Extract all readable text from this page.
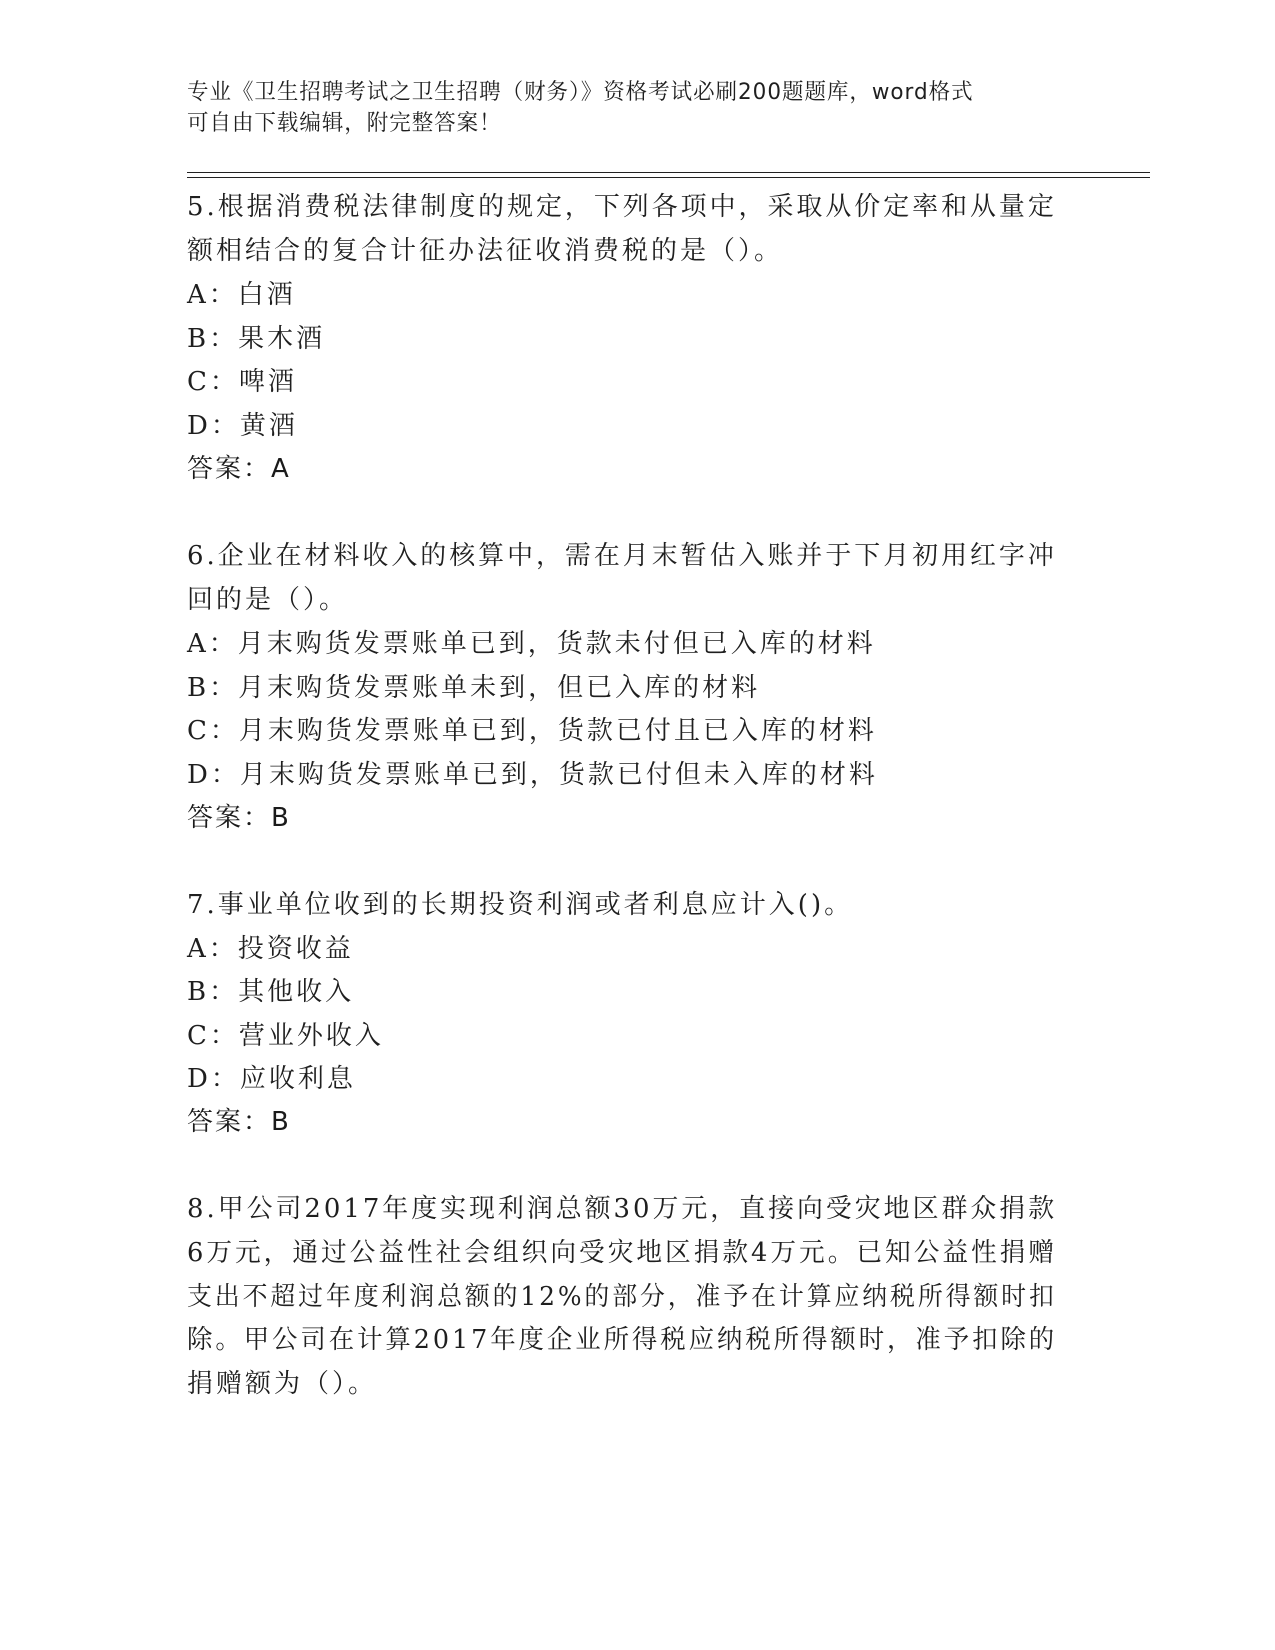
专业《卫生招聘考试之卫生招聘（财务）》资格考试必刷200题题库，word格式
可自由下载编辑，附完整答案！
5.根据消费税法律制度的规定，下列各项中，采取从价定率和从量定
额相结合的复合计征办法征收消费税的是（）。
A：白酒
B：果木酒
C：啤酒
D：黄酒
答案：A
6.企业在材料收入的核算中，需在月末暂估入账并于下月初用红字冲
回的是（）。
A：月末购货发票账单已到，货款未付但已入库的材料
B：月末购货发票账单未到，但已入库的材料
C：月末购货发票账单已到，货款已付且已入库的材料
D：月末购货发票账单已到，货款已付但未入库的材料
答案：B
7.事业单位收到的长期投资利润或者利息应计入()。
A：投资收益
B：其他收入
C：营业外收入
D：应收利息
答案：B
8.甲公司2017年度实现利润总额30万元，直接向受灾地区群众捐款
6万元，通过公益性社会组织向受灾地区捐款4万元。已知公益性捐赠
支出不超过年度利润总额的12%的部分，准予在计算应纳税所得额时扣
除。甲公司在计算2017年度企业所得税应纳税所得额时，准予扣除的
捐赠额为（）。
